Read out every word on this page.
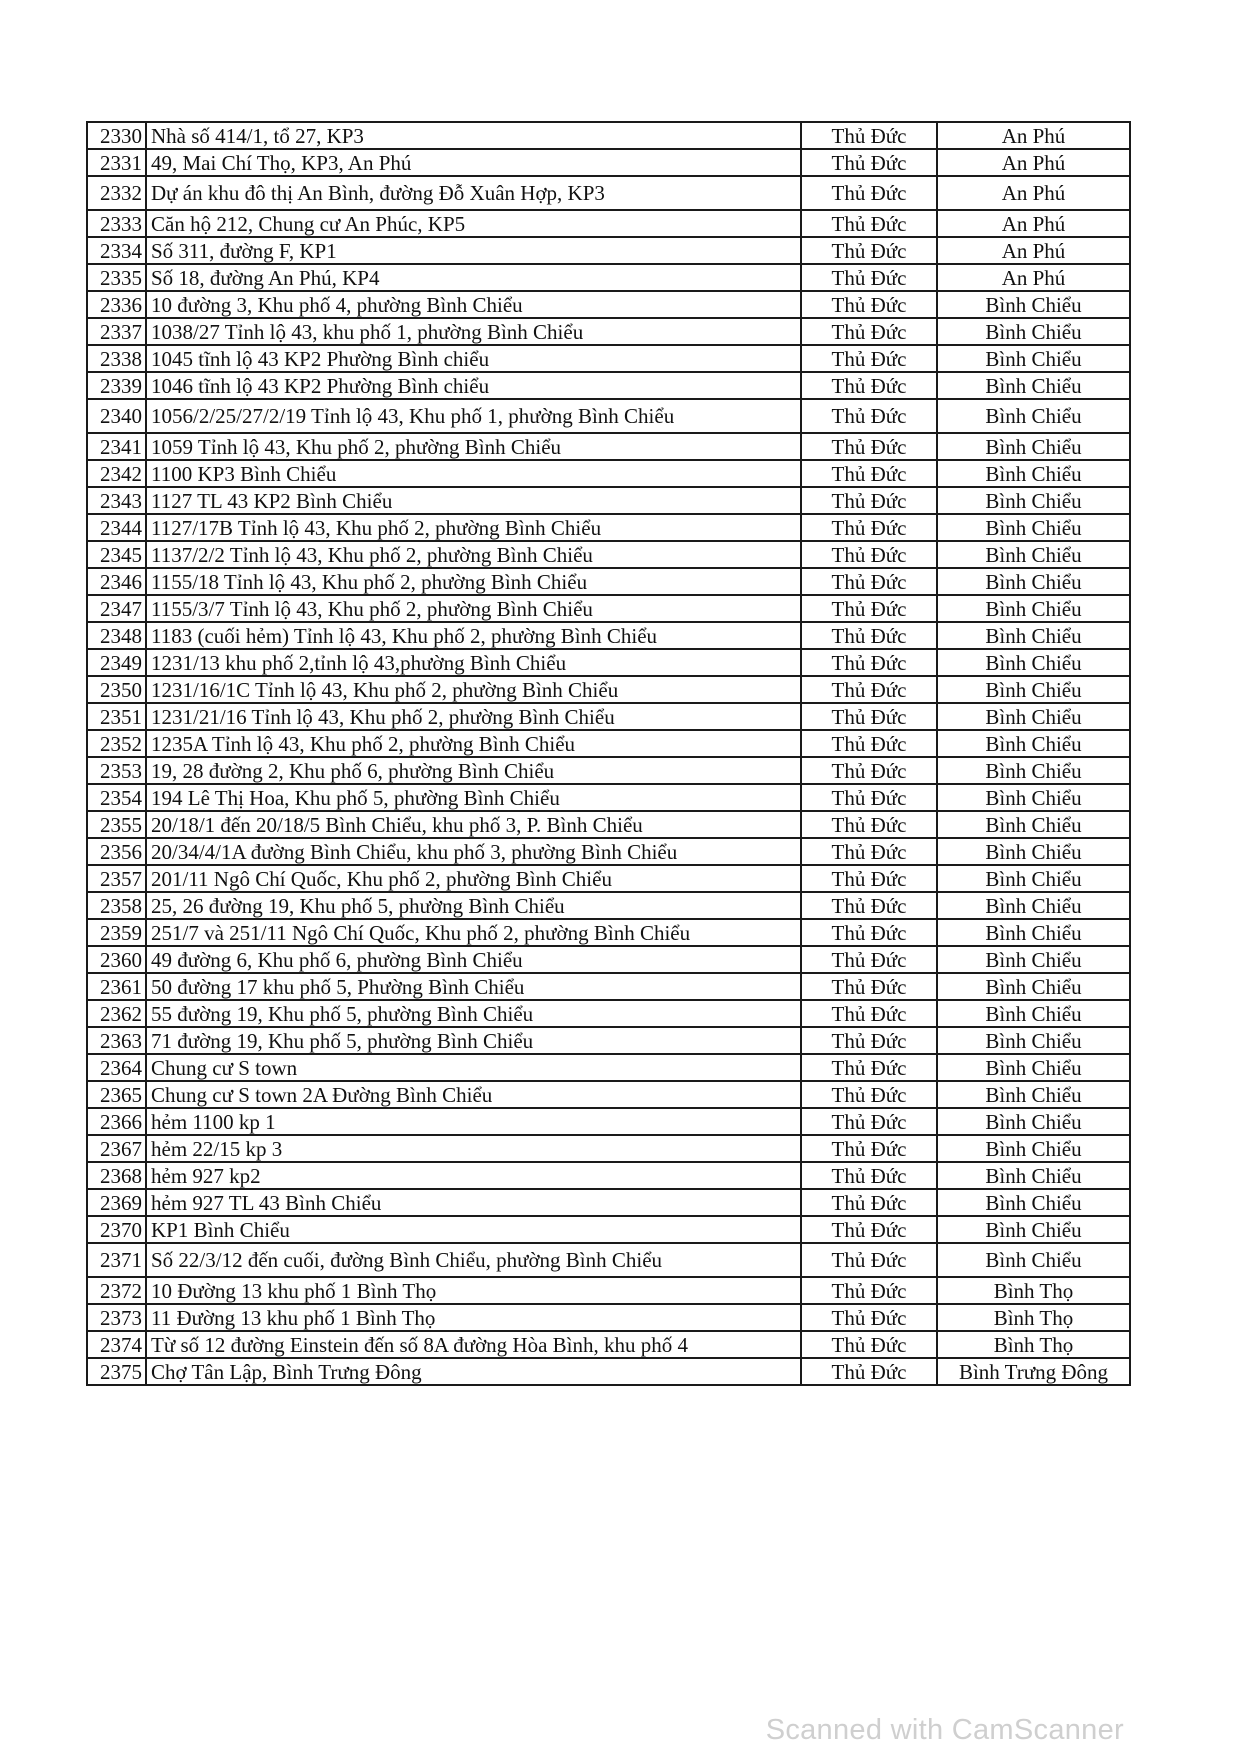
2330	Nhà số 414/1, tổ 27, KP3	Thủ Đức	An Phú
2331	49, Mai Chí Thọ, KP3, An Phú	Thủ Đức	An Phú
2332	Dự án khu đô thị An Bình, đường Đỗ Xuân Hợp, KP3	Thủ Đức	An Phú
2333	Căn hộ 212, Chung cư An Phúc, KP5	Thủ Đức	An Phú
2334	Số 311, đường F, KP1	Thủ Đức	An Phú
2335	Số 18, đường An Phú, KP4	Thủ Đức	An Phú
2336	10 đường 3, Khu phố 4, phường Bình Chiểu	Thủ Đức	Bình Chiểu
2337	1038/27 Tỉnh lộ 43, khu phố 1, phường Bình Chiểu	Thủ Đức	Bình Chiểu
2338	1045 tĩnh lộ 43 KP2 Phường Bình chiểu	Thủ Đức	Bình Chiểu
2339	1046 tĩnh lộ 43 KP2 Phường Bình chiểu	Thủ Đức	Bình Chiểu
2340	1056/2/25/27/2/19 Tỉnh lộ 43, Khu phố 1, phường Bình Chiểu	Thủ Đức	Bình Chiểu
2341	1059 Tỉnh lộ 43, Khu phố 2, phường Bình Chiểu	Thủ Đức	Bình Chiểu
2342	1100 KP3 Bình Chiểu	Thủ Đức	Bình Chiểu
2343	1127 TL 43 KP2 Bình Chiểu	Thủ Đức	Bình Chiểu
2344	1127/17B Tỉnh lộ 43, Khu phố 2, phường Bình Chiểu	Thủ Đức	Bình Chiểu
2345	1137/2/2 Tỉnh lộ 43, Khu phố 2, phường Bình Chiểu	Thủ Đức	Bình Chiểu
2346	1155/18 Tỉnh lộ 43, Khu phố 2, phường Bình Chiểu	Thủ Đức	Bình Chiểu
2347	1155/3/7 Tỉnh lộ 43, Khu phố 2, phường Bình Chiểu	Thủ Đức	Bình Chiểu
2348	1183 (cuối hẻm) Tỉnh lộ 43, Khu phố 2, phường Bình Chiểu	Thủ Đức	Bình Chiểu
2349	1231/13 khu phố 2,tỉnh lộ 43,phường Bình Chiểu	Thủ Đức	Bình Chiểu
2350	1231/16/1C Tỉnh lộ 43, Khu phố 2, phường Bình Chiểu	Thủ Đức	Bình Chiểu
2351	1231/21/16 Tỉnh lộ 43, Khu phố 2, phường Bình Chiểu	Thủ Đức	Bình Chiểu
2352	1235A Tỉnh lộ 43, Khu phố 2, phường Bình Chiểu	Thủ Đức	Bình Chiểu
2353	19, 28 đường 2, Khu phố 6, phường Bình Chiểu	Thủ Đức	Bình Chiểu
2354	194 Lê Thị Hoa, Khu phố 5, phường Bình Chiểu	Thủ Đức	Bình Chiểu
2355	20/18/1 đến 20/18/5 Bình Chiểu, khu phố 3, P. Bình Chiểu	Thủ Đức	Bình Chiểu
2356	20/34/4/1A đường Bình Chiểu, khu phố 3, phường Bình Chiểu	Thủ Đức	Bình Chiểu
2357	201/11 Ngô Chí Quốc, Khu phố 2, phường Bình Chiểu	Thủ Đức	Bình Chiểu
2358	25, 26 đường 19, Khu phố 5, phường Bình Chiểu	Thủ Đức	Bình Chiểu
2359	251/7 và 251/11 Ngô Chí Quốc, Khu phố 2, phường Bình Chiểu	Thủ Đức	Bình Chiểu
2360	49 đường 6, Khu phố 6, phường Bình Chiểu	Thủ Đức	Bình Chiểu
2361	50 đường 17 khu phố 5, Phường Bình Chiểu	Thủ Đức	Bình Chiểu
2362	55 đường 19, Khu phố 5, phường Bình Chiểu	Thủ Đức	Bình Chiểu
2363	71 đường 19, Khu phố 5, phường Bình Chiểu	Thủ Đức	Bình Chiểu
2364	Chung cư S town	Thủ Đức	Bình Chiểu
2365	Chung cư S town 2A Đường Bình Chiểu	Thủ Đức	Bình Chiểu
2366	hẻm 1100 kp 1	Thủ Đức	Bình Chiểu
2367	hẻm 22/15 kp 3	Thủ Đức	Bình Chiểu
2368	hẻm 927 kp2	Thủ Đức	Bình Chiểu
2369	hẻm 927 TL 43 Bình Chiểu	Thủ Đức	Bình Chiểu
2370	KP1 Bình Chiểu	Thủ Đức	Bình Chiểu
2371	Số 22/3/12 đến cuối, đường Bình Chiểu, phường Bình Chiểu	Thủ Đức	Bình Chiểu
2372	10 Đường 13 khu phố 1 Bình Thọ	Thủ Đức	Bình Thọ
2373	11 Đường 13 khu phố 1 Bình Thọ	Thủ Đức	Bình Thọ
2374	Từ số 12 đường Einstein đến số 8A đường Hòa Bình, khu phố 4	Thủ Đức	Bình Thọ
2375	Chợ Tân Lập, Bình Trưng Đông	Thủ Đức	Bình Trưng Đông
Scanned with CamScanner
